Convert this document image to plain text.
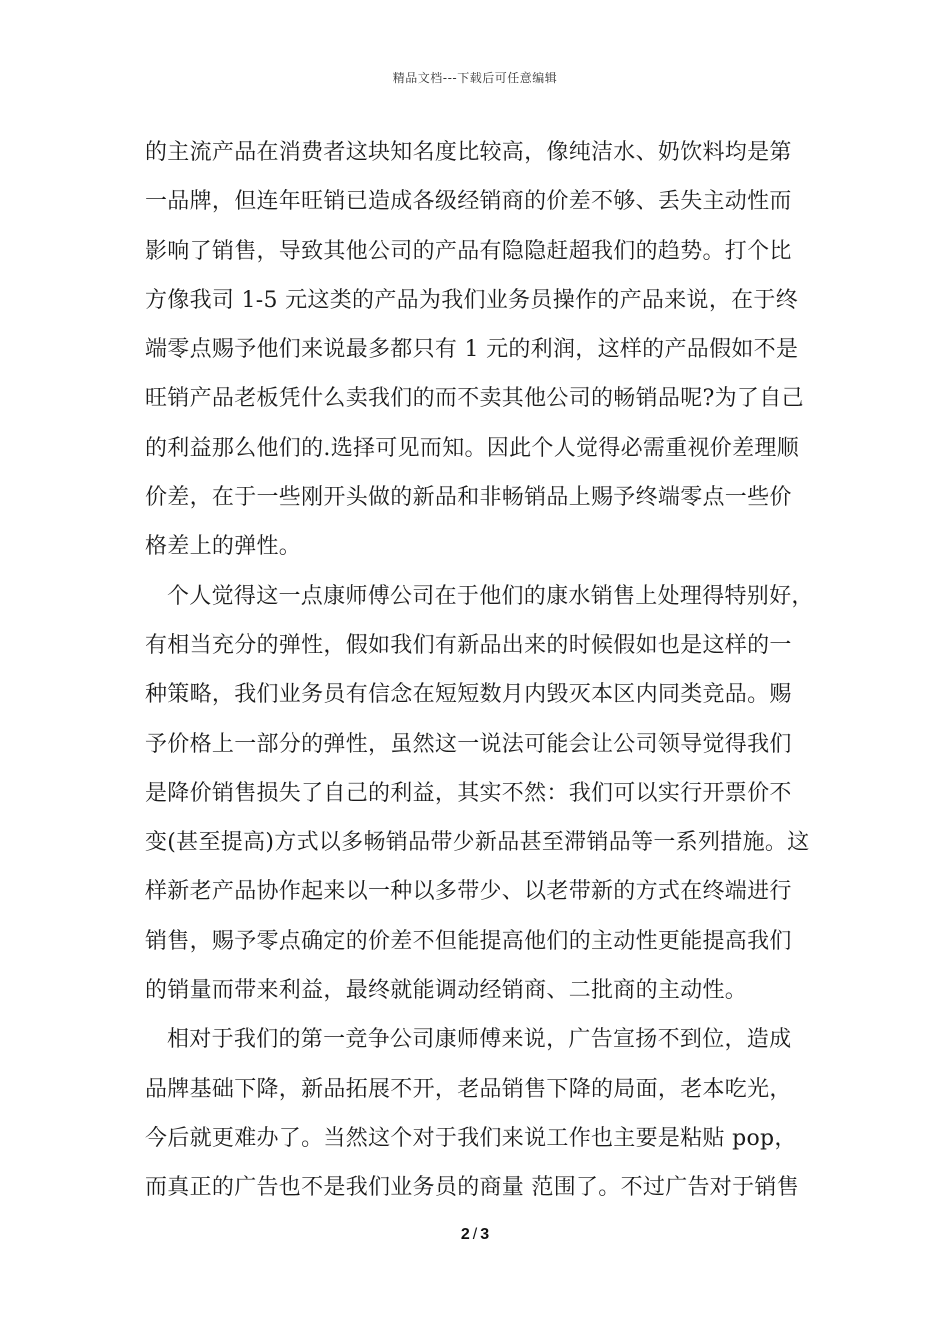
精品文档---下载后可任意编辑
的主流产品在消费者这块知名度比较高，像纯洁水、奶饮料均是第
一品牌，但连年旺销已造成各级经销商的价差不够、丢失主动性而
影响了销售，导致其他公司的产品有隐隐赶超我们的趋势。打个比
方像我司 1-5 元这类的产品为我们业务员操作的产品来说，在于终
端零点赐予他们来说最多都只有 1 元的利润，这样的产品假如不是
旺销产品老板凭什么卖我们的而不卖其他公司的畅销品呢?为了自己
的利益那么他们的.选择可见而知。因此个人觉得必需重视价差理顺
价差，在于一些刚开头做的新品和非畅销品上赐予终端零点一些价
格差上的弹性。
个人觉得这一点康师傅公司在于他们的康水销售上处理得特别好，
有相当充分的弹性，假如我们有新品出来的时候假如也是这样的一
种策略，我们业务员有信念在短短数月内毁灭本区内同类竞品。赐
予价格上一部分的弹性，虽然这一说法可能会让公司领导觉得我们
是降价销售损失了自己的利益，其实不然：我们可以实行开票价不
变(甚至提高)方式以多畅销品带少新品甚至滞销品等一系列措施。这
样新老产品协作起来以一种以多带少、以老带新的方式在终端进行
销售，赐予零点确定的价差不但能提高他们的主动性更能提高我们
的销量而带来利益，最终就能调动经销商、二批商的主动性。
相对于我们的第一竞争公司康师傅来说，广告宣扬不到位，造成
品牌基础下降，新品拓展不开，老品销售下降的局面，老本吃光，
今后就更难办了。当然这个对于我们来说工作也主要是粘贴 pop，
而真正的广告也不是我们业务员的商量 范围了。不过广告对于销售
2 / 3
